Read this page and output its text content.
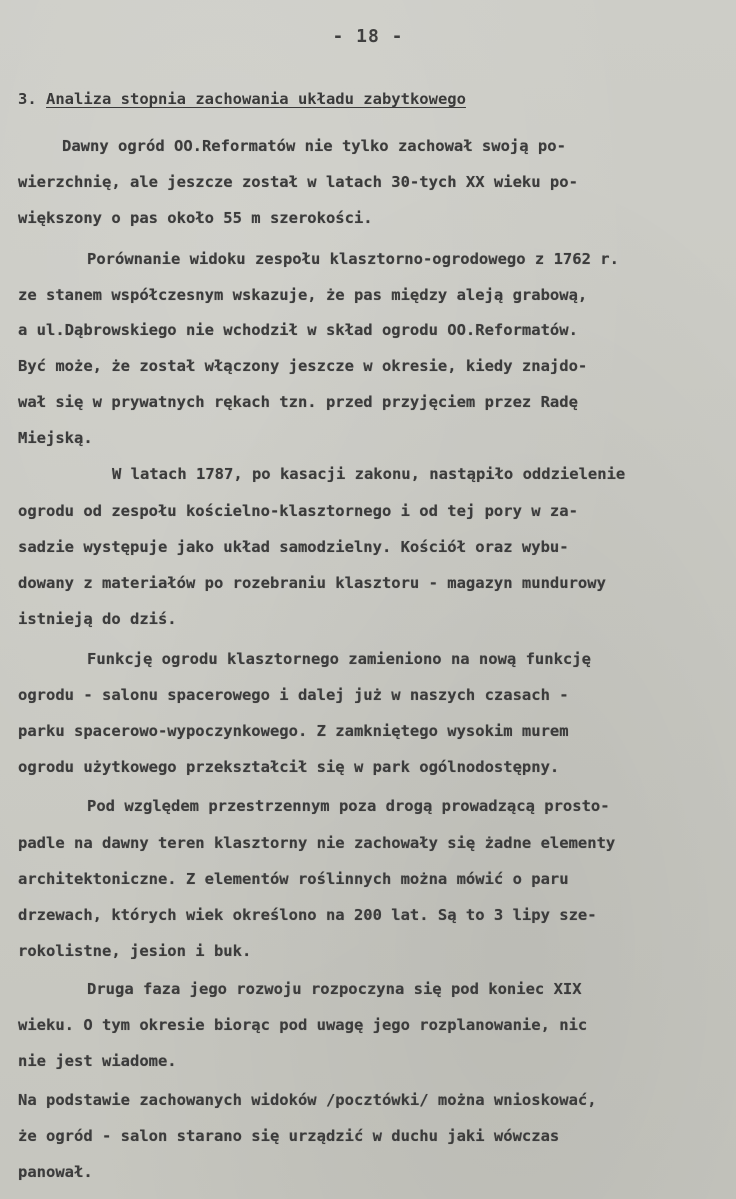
- 18 -
3. Analiza stopnia zachowania układu zabytkowego
Dawny ogród OO.Reformatów nie tylko zachował swoją po-
wierzchnię, ale jeszcze został w latach 30-tych XX wieku po-
większony o pas około 55 m szerokości.
Porównanie widoku zespołu klasztorno-ogrodowego z 1762 r.
ze stanem współczesnym wskazuje, że pas między aleją grabową,
a ul.Dąbrowskiego nie wchodził w skład ogrodu OO.Reformatów.
Być może, że został włączony jeszcze w okresie, kiedy znajdo-
wał się w prywatnych rękach tzn. przed przyjęciem przez Radę
Miejską.
W latach 1787, po kasacji zakonu, nastąpiło oddzielenie
ogrodu od zespołu kościelno-klasztornego i od tej pory w za-
sadzie występuje jako układ samodzielny. Kościół oraz wybu-
dowany z materiałów po rozebraniu klasztoru - magazyn mundurowy
istnieją do dziś.
Funkcję ogrodu klasztornego zamieniono na nową funkcję
ogrodu - salonu spacerowego i dalej już w naszych czasach -
parku spacerowo-wypoczynkowego. Z zamkniętego wysokim murem
ogrodu użytkowego przekształcił się w park ogólnodostępny.
Pod względem przestrzennym poza drogą prowadzącą prosto-
padle na dawny teren klasztorny nie zachowały się żadne elementy
architektoniczne. Z elementów roślinnych można mówić o paru
drzewach, których wiek określono na 200 lat. Są to 3 lipy sze-
rokolistne, jesion i buk.
Druga faza jego rozwoju rozpoczyna się pod koniec XIX
wieku. O tym okresie biorąc pod uwagę jego rozplanowanie, nic
nie jest wiadome.
Na podstawie zachowanych widoków /pocztówki/ można wnioskować,
że ogród - salon starano się urządzić w duchu jaki wówczas
panował.
